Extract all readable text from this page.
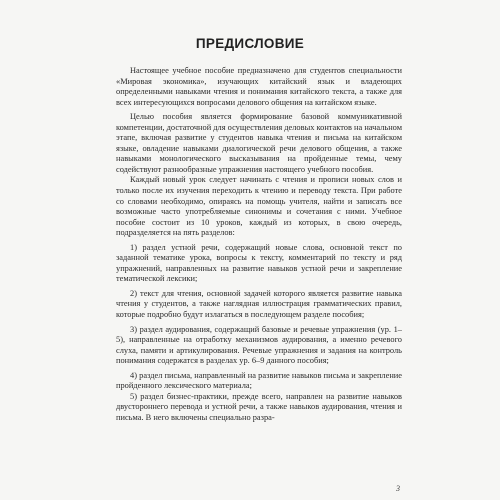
ПРЕДИСЛОВИЕ

Настоящее учебное пособие предназначено для студентов специальности «Мировая экономика», изучающих китайский язык и владеющих определенными навыками чтения и понимания китайского текста, а также для всех интересующихся вопросами делового общения на китайском языке.

Целью пособия является формирование базовой коммуникативной компетенции, достаточной для осуществления деловых контактов на начальном этапе, включая развитие у студентов навыка чтения и письма на китайском языке, овладение навыками диалогической речи делового общения, а также навыками монологического высказывания на пройденные темы, чему содействуют разнообразные упражнения настоящего учебного пособия.

Каждый новый урок следует начинать с чтения и прописи новых слов и только после их изучения переходить к чтению и переводу текста. При работе со словами необходимо, опираясь на помощь учителя, найти и записать все возможные часто употребляемые синонимы и сочетания с ними. Учебное пособие состоит из 10 уроков, каждый из которых, в свою очередь, подразделяется на пять разделов:

1) раздел устной речи, содержащий новые слова, основной текст по заданной тематике урока, вопросы к тексту, комментарий по тексту и ряд упражнений, направленных на развитие навыков устной речи и закрепление тематической лексики;

2) текст для чтения, основной задачей которого является развитие навыка чтения у студентов, а также наглядная иллюстрация грамматических правил, которые подробно будут излагаться в последующем разделе пособия;

3) раздел аудирования, содержащий базовые и речевые упражнения (ур. 1–5), направленные на отработку механизмов аудирования, а именно речевого слуха, памяти и артикулирования. Речевые упражнения и задания на контроль понимания содержатся в разделах ур. 6–9 данного пособия;

4) раздел письма, направленный на развитие навыков письма и закрепление пройденного лексического материала;

5) раздел бизнес-практики, прежде всего, направлен на развитие навыков двустороннего перевода и устной речи, а также навыков аудирования, чтения и письма. В него включены специально разра-

3
